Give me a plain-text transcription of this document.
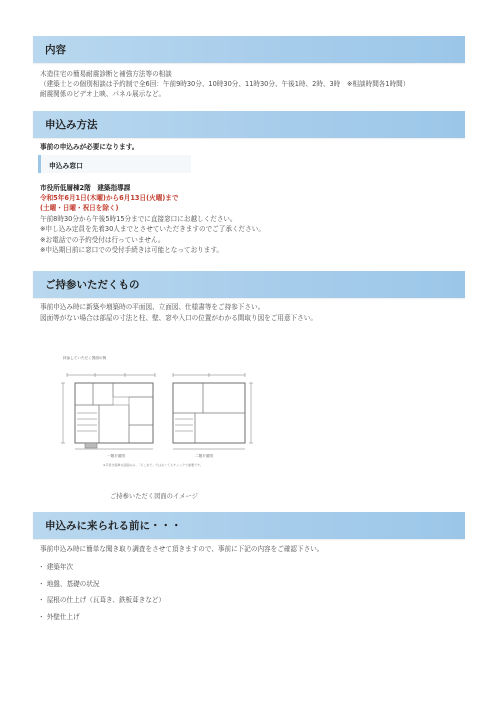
内容
木造住宅の簡易耐震診断と補強方法等の相談
（建築士との個別相談は予約制で全6回：午前9時30分、10時30分、11時30分、午後1時、2時、3時　※相談時間各1時間）
耐震関係のビデオ上映、パネル展示など。
申込み方法
事前の申込みが必要になります。
申込み窓口
市役所低層棟2階　建築指導課
令和5年6月1日(木曜)から6月13日(火曜)まで
(土曜・日曜・祝日を除く)
午前8時30分から午後5時15分までに直接窓口にお越しください。
※申し込み定員を先着30人までとさせていただきますのでご了承ください。
※お電話での予約受付は行っていません。
※申込期日前に窓口での受付手続きは可能となっております。
ご持参いただくもの
事前申込み時に新築や増築時の平面図、立面図、仕様書等をご持参下さい。
図面等がない場合は部屋の寸法と柱、壁、窓や入口の位置がわかる間取り図をご用意下さい。
持参していただく図面の例
一階平面図	二階平面図
※手書き簡単な図面のみ、「そこまで」ではなくてもチェックで重要です。
ご持参いただく図面のイメージ
申込みに来られる前に・・・
事前申込み時に簡単な聞き取り調査をさせて頂きますので、事前に下記の内容をご確認下さい。
・ 建築年次
・ 地盤、基礎の状況
・ 屋根の仕上げ（瓦葺き、鉄板葺きなど）
・ 外壁仕上げ
